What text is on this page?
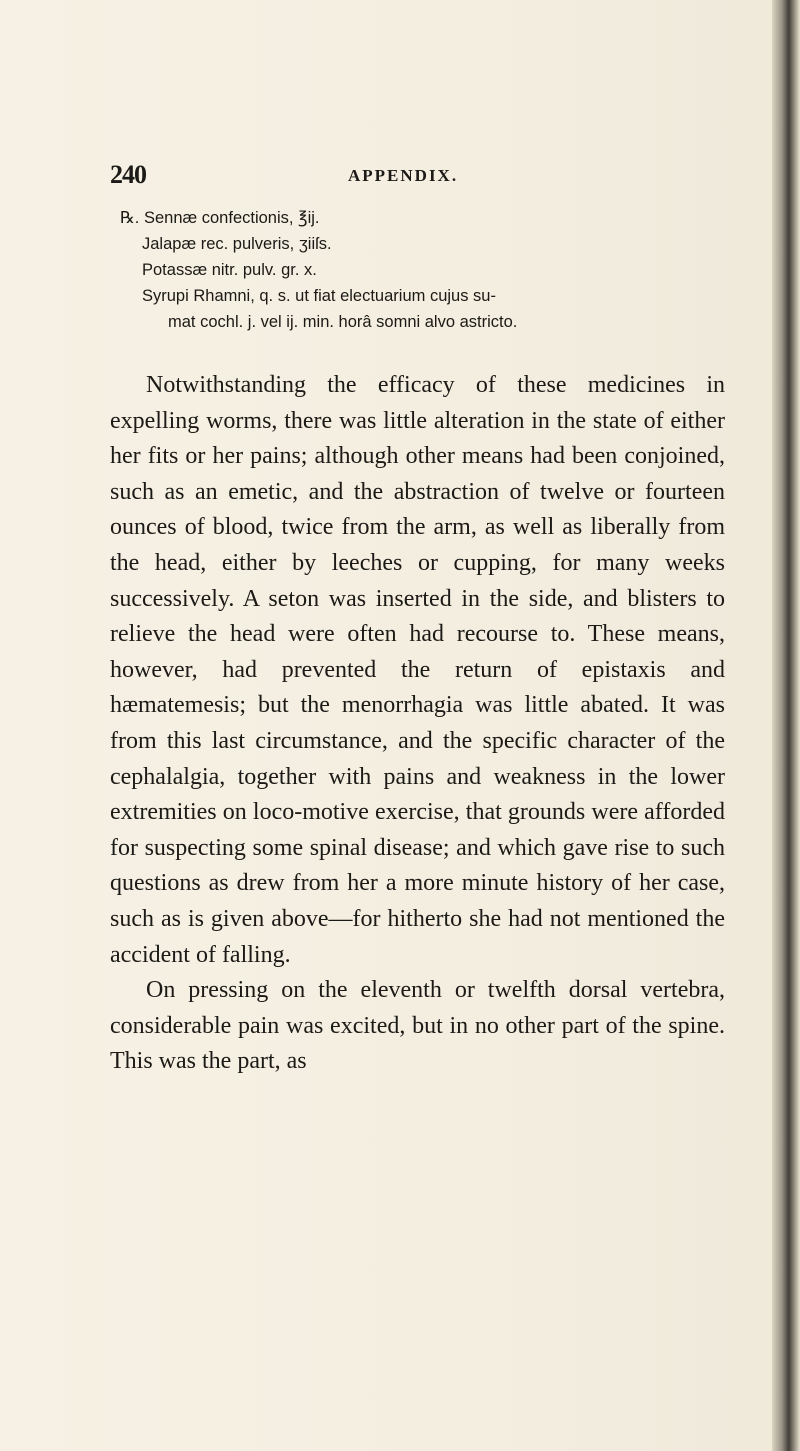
240	APPENDIX.
℞. Sennæ confectionis, ℥ij.
Jalapæ rec. pulveris, ʒiiſs.
Potassæ nitr. pulv. gr. x.
Syrupi Rhamni, q. s. ut fiat electuarium cujus su-
mat cochl. j. vel ij. min. horâ somni alvo astricto.

Notwithstanding the efficacy of these medicines in expelling worms, there was little alteration in the state of either her fits or her pains; although other means had been conjoined, such as an emetic, and the abstraction of twelve or fourteen ounces of blood, twice from the arm, as well as liberally from the head, either by leeches or cupping, for many weeks successively. A seton was inserted in the side, and blisters to relieve the head were often had recourse to. These means, however, had prevented the return of epistaxis and hæmatemesis; but the menorrhagia was little abated. It was from this last circumstance, and the specific character of the cephalalgia, together with pains and weakness in the lower extremities on loco-motive exercise, that grounds were afforded for suspecting some spinal disease; and which gave rise to such questions as drew from her a more minute history of her case, such as is given above—for hitherto she had not mentioned the accident of falling.

On pressing on the eleventh or twelfth dorsal vertebra, considerable pain was excited, but in no other part of the spine. This was the part, as
